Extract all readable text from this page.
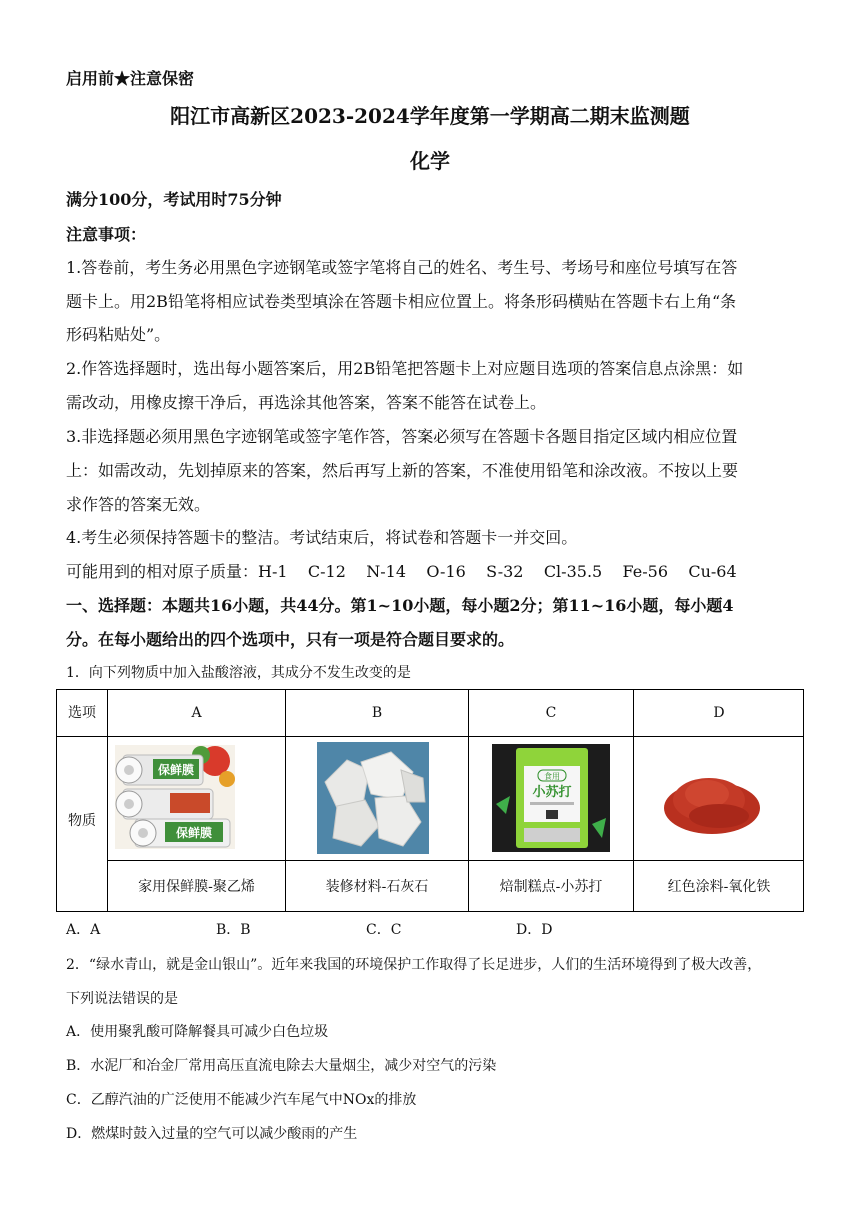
启用前★注意保密
阳江市高新区2023-2024学年度第一学期高二期末监测题
化学
满分100分，考试用时75分钟
注意事项：
1.答卷前，考生务必用黑色字迹钢笔或签字笔将自己的姓名、考生号、考场号和座位号填写在答
题卡上。用2B铅笔将相应试卷类型填涂在答题卡相应位置上。将条形码横贴在答题卡右上角“条
形码粘贴处”。
2.作答选择题时，选出每小题答案后，用2B铅笔把答题卡上对应题目选项的答案信息点涂黑：如
需改动，用橡皮擦干净后，再选涂其他答案，答案不能答在试卷上。
3.非选择题必须用黑色字迹钢笔或签字笔作答，答案必须写在答题卡各题目指定区域内相应位置
上：如需改动，先划掉原来的答案，然后再写上新的答案，不准使用铅笔和涂改液。不按以上要
求作答的答案无效。
4.考生必须保持答题卡的整洁。考试结束后，将试卷和答题卡一并交回。
可能用到的相对原子质量：H-1    C-12    N-14    O-16    S-32    Cl-35.5    Fe-56    Cu-64
一、选择题：本题共16小题，共44分。第1~10小题，每小题2分；第11~16小题，每小题4
分。在每小题给出的四个选项中，只有一项是符合题目要求的。
1．向下列物质中加入盐酸溶液，其成分不发生改变的是
选项	A	B	C	D
物质
保鲜膜
保鲜膜
食用
小苏打
家用保鲜膜-聚乙烯	装修材料-石灰石	焙制糕点-小苏打	红色涂料-氧化铁
A．A	B．B	C．C	D．D
2．“绿水青山，就是金山银山”。近年来我国的环境保护工作取得了长足进步，人们的生活环境得到了极大改善，
下列说法错误的是
A．使用聚乳酸可降解餐具可减少白色垃圾
B．水泥厂和冶金厂常用高压直流电除去大量烟尘，减少对空气的污染
C．乙醇汽油的广泛使用不能减少汽车尾气中NOx的排放
D．燃煤时鼓入过量的空气可以减少酸雨的产生
